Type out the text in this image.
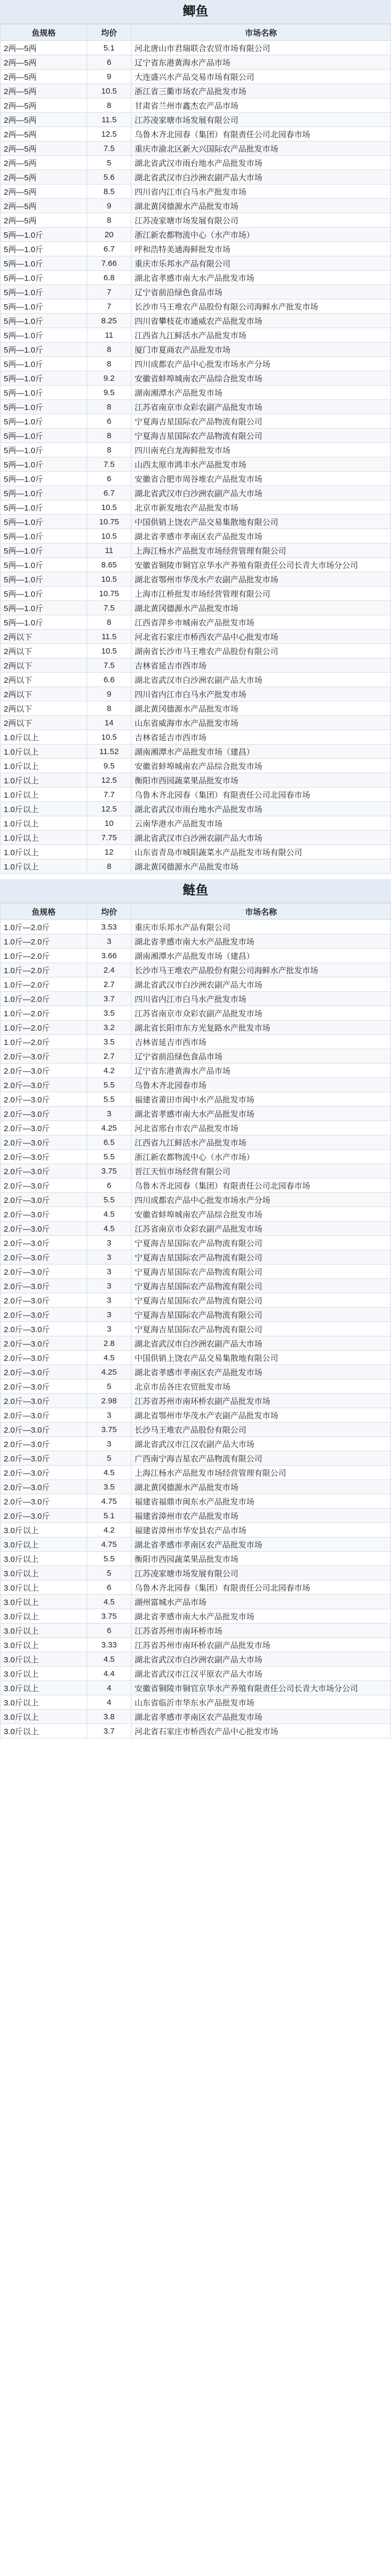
鲫鱼
鱼规格	均价	市场名称
2两—5两	5.1	河北唐山市君瑞联合农贸市场有限公司
2两—5两	6	辽宁省东港黄海水产品市场
2两—5两	9	大连盛兴水产品交易市场有限公司
2两—5两	10.5	浙江省三衢市场农产品批发市场
2两—5两	8	甘肃省兰州市鑫杰农产品市场
2两—5两	11.5	江苏凌家塘市场发展有限公司
2两—5两	12.5	乌鲁木齐北园春（集团）有限责任公司北园春市场
2两—5两	7.5	重庆市渝北区新大兴国际农产品批发市场
2两—5两	5	湖北省武汉市雨台地水产品批发市场
2两—5两	5.6	湖北省武汉市白沙洲农副产品大市场
2两—5两	8.5	四川省内江市白马水产批发市场
2两—5两	9	湖北黄冈德源水产品批发市场
2两—5两	8	江苏凌家塘市场发展有限公司
5两—1.0斤	20	浙江新农都物流中心（水产市场）
5两—1.0斤	6.7	呼和浩特美通海鲜批发市场
5两—1.0斤	7.66	重庆市乐邦水产品有限公司
5两—1.0斤	6.8	湖北省孝感市南大水产品批发市场
5两—1.0斤	7	辽宁省前沿绿色食品市场
5两—1.0斤	7	长沙市马王堆农产品股份有限公司海鲜水产批发市场
5两—1.0斤	8.25	四川省攀枝花市通威农产品批发市场
5两—1.0斤	11	江西省九江鲜活水产品批发市场
5两—1.0斤	8	厦门市夏商农产品批发市场
5两—1.0斤	8	四川成都农产品中心批发市场水产分场
5两—1.0斤	9.2	安徽省蚌埠城南农产品综合批发市场
5两—1.0斤	9.5	湖南湘潭水产品批发市场
5两—1.0斤	8	江苏省南京市众彩农副产品批发市场
5两—1.0斤	6	宁夏海吉星国际农产品物流有限公司
5两—1.0斤	8	宁夏海吉星国际农产品物流有限公司
5两—1.0斤	8	四川南充白龙海鲜批发市场
5两—1.0斤	7.5	山西太原市鸿丰水产品批发市场
5两—1.0斤	6	安徽省合肥市周谷堆农产品批发市场
5两—1.0斤	6.7	湖北省武汉市白沙洲农副产品大市场
5两—1.0斤	10.5	北京市新发地农产品批发市场
5两—1.0斤	10.75	中国供销上饶农产品交易集散地有限公司
5两—1.0斤	10.5	湖北省孝感市孝南区农产品批发市场
5两—1.0斤	11	上海江杨水产品批发市场经营管理有限公司
5两—1.0斤	8.65	安徽省铜陵市铜官京华水产养殖有限责任公司长青大市场分公司
5两—1.0斤	10.5	湖北省鄂州市华茂水产农副产品批发市场
5两—1.0斤	10.75	上海市江桥批发市场经营管理有限公司
5两—1.0斤	7.5	湖北黄冈德源水产品批发市场
5两—1.0斤	8	江西省萍乡市城南农产品批发市场
2两以下	11.5	河北省石家庄市桥西农产品中心批发市场
2两以下	10.5	湖南省长沙市马王堆农产品股份有限公司
2两以下	7.5	吉林省延吉市西市场
2两以下	6.6	湖北省武汉市白沙洲农副产品大市场
2两以下	9	四川省内江市白马水产批发市场
2两以下	8	湖北黄冈德源水产品批发市场
2两以下	14	山东省威海市水产品批发市场
1.0斤以上	10.5	吉林省延吉市西市场
1.0斤以上	11.52	湖南湘潭水产品批发市场（建昌）
1.0斤以上	9.5	安徽省蚌埠城南农产品综合批发市场
1.0斤以上	12.5	衡阳市西园蔬菜果品批发市场
1.0斤以上	7.7	乌鲁木齐北园春（集团）有限责任公司北园春市场
1.0斤以上	12.5	湖北省武汉市雨台地水产品批发市场
1.0斤以上	10	云南华港水产品批发市场
1.0斤以上	7.75	湖北省武汉市白沙洲农副产品大市场
1.0斤以上	12	山东省青岛市城阳蔬菜水产品批发市场有限公司
1.0斤以上	8	湖北黄冈德源水产品批发市场
鲢鱼
鱼规格	均价	市场名称
1.0斤—2.0斤	3.53	重庆市乐邦水产品有限公司
1.0斤—2.0斤	3	湖北省孝感市南大水产品批发市场
1.0斤—2.0斤	3.66	湖南湘潭水产品批发市场（建昌）
1.0斤—2.0斤	2.4	长沙市马王堆农产品股份有限公司海鲜水产批发市场
1.0斤—2.0斤	2.7	湖北省武汉市白沙洲农副产品大市场
1.0斤—2.0斤	3.7	四川省内江市白马水产批发市场
1.0斤—2.0斤	3.5	江苏省南京市众彩农副产品批发市场
1.0斤—2.0斤	3.2	湖北省长阳市东方光复路水产批发市场
1.0斤—2.0斤	3.5	吉林省延吉市西市场
2.0斤—3.0斤	2.7	辽宁省前沿绿色食品市场
2.0斤—3.0斤	4.2	辽宁省东港黄海水产品市场
2.0斤—3.0斤	5.5	乌鲁木齐北园春市场
2.0斤—3.0斤	5.5	福建省莆田市闽中水产品批发市场
2.0斤—3.0斤	3	湖北省孝感市南大水产品批发市场
2.0斤—3.0斤	4.25	河北省邢台市农产品批发市场
2.0斤—3.0斤	6.5	江西省九江鲜活水产品批发市场
2.0斤—3.0斤	5.5	浙江新农都物流中心（水产市场）
2.0斤—3.0斤	3.75	晋江天恒市场经营有限公司
2.0斤—3.0斤	6	乌鲁木齐北园春（集团）有限责任公司北园春市场
2.0斤—3.0斤	5.5	四川成都农产品中心批发市场水产分场
2.0斤—3.0斤	4.5	安徽省蚌埠城南农产品综合批发市场
2.0斤—3.0斤	4.5	江苏省南京市众彩农副产品批发市场
2.0斤—3.0斤	3	宁夏海吉星国际农产品物流有限公司
2.0斤—3.0斤	3	宁夏海吉星国际农产品物流有限公司
2.0斤—3.0斤	3	宁夏海吉星国际农产品物流有限公司
2.0斤—3.0斤	3	宁夏海吉星国际农产品物流有限公司
2.0斤—3.0斤	3	宁夏海吉星国际农产品物流有限公司
2.0斤—3.0斤	3	宁夏海吉星国际农产品物流有限公司
2.0斤—3.0斤	3	宁夏海吉星国际农产品物流有限公司
2.0斤—3.0斤	2.8	湖北省武汉市白沙洲农副产品大市场
2.0斤—3.0斤	4.5	中国供销上饶农产品交易集散地有限公司
2.0斤—3.0斤	4.25	湖北省孝感市孝南区农产品批发市场
2.0斤—3.0斤	5	北京市岳各庄农贸批发市场
2.0斤—3.0斤	2.98	江苏省苏州市南环桥农副产品批发市场
2.0斤—3.0斤	3	湖北省鄂州市华茂水产农副产品批发市场
2.0斤—3.0斤	3.75	长沙马王堆农产品股份有限公司
2.0斤—3.0斤	3	湖北省武汉市江汉农副产品大市场
2.0斤—3.0斤	5	广西南宁海吉星农产品物流有限公司
2.0斤—3.0斤	4.5	上海江杨水产品批发市场经营管理有限公司
2.0斤—3.0斤	3.5	湖北黄冈德源水产品批发市场
2.0斤—3.0斤	4.75	福建省福鼎市闽东水产品批发市场
2.0斤—3.0斤	5.1	福建省漳州市农产品批发市场
3.0斤以上	4.2	福建省漳州市华安县农产品市场
3.0斤以上	4.75	湖北省孝感市孝南区农产品批发市场
3.0斤以上	5.5	衡阳市西园蔬菜果品批发市场
3.0斤以上	5	江苏凌家塘市场发展有限公司
3.0斤以上	6	乌鲁木齐北园春（集团）有限责任公司北园春市场
3.0斤以上	4.5	湖州富城水产品市场
3.0斤以上	3.75	湖北省孝感市南大水产品批发市场
3.0斤以上	6	江苏省苏州市南环桥市场
3.0斤以上	3.33	江苏省苏州市南环桥农副产品批发市场
3.0斤以上	4.5	湖北省武汉市白沙洲农副产品大市场
3.0斤以上	4.4	湖北省武汉市江汉平原农产品大市场
3.0斤以上	4	安徽省铜陵市铜官京华水产养殖有限责任公司长青大市场分公司
3.0斤以上	4	山东省临沂市华东水产品批发市场
3.0斤以上	3.8	湖北省孝感市孝南区农产品批发市场
3.0斤以上	3.7	河北省石家庄市桥西农产品中心批发市场
